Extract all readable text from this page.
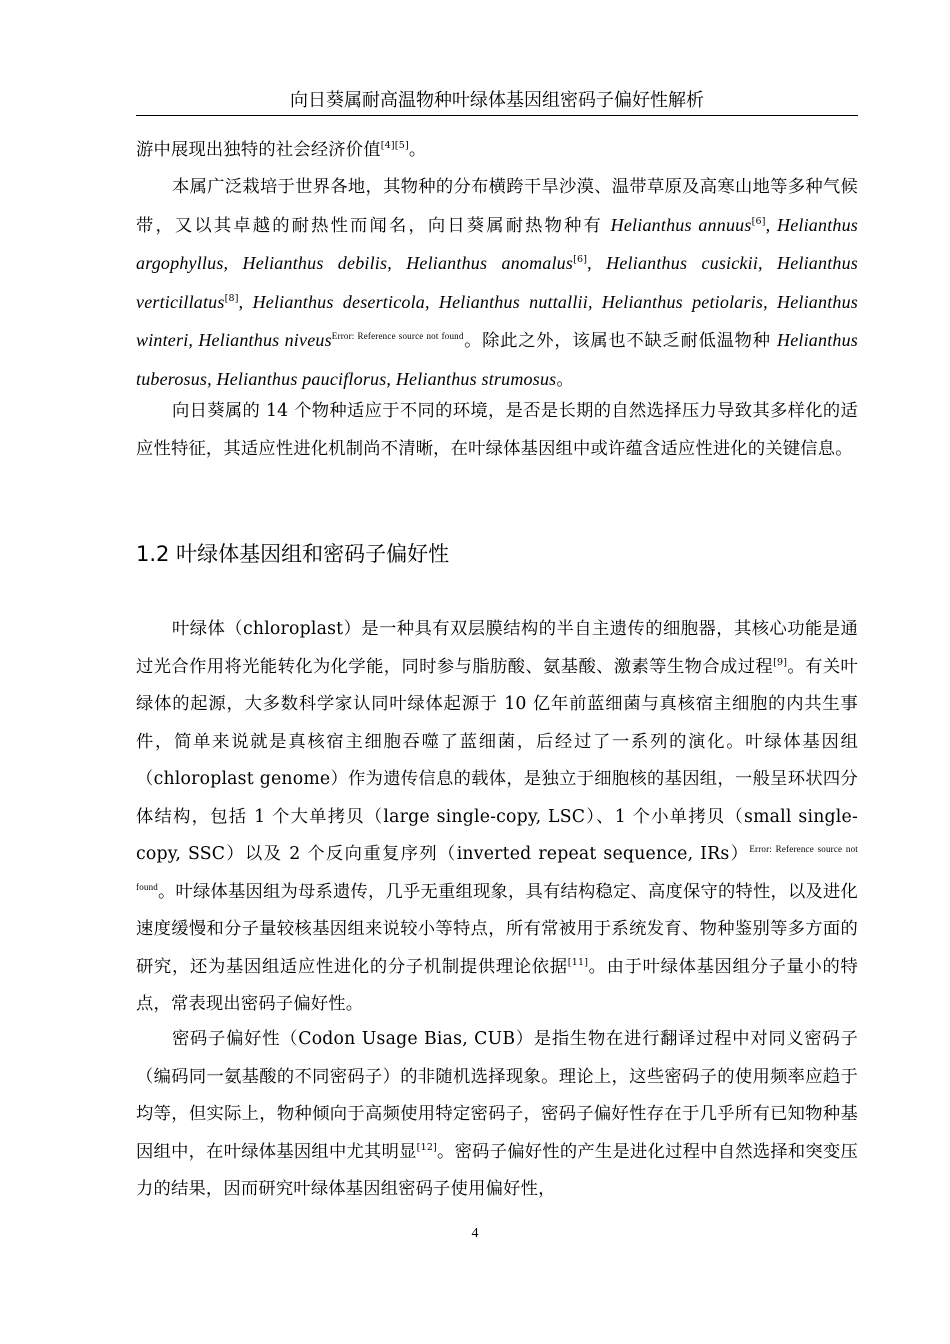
向日葵属耐高温物种叶绿体基因组密码子偏好性解析

游中展现出独特的社会经济价值[4][5]。

本属广泛栽培于世界各地，其物种的分布横跨干旱沙漠、温带草原及高寒山地等多种气候带，又以其卓越的耐热性而闻名，向日葵属耐热物种有 Helianthus annuus[6], Helianthus argophyllus, Helianthus debilis, Helianthus anomalus[6], Helianthus cusickii, Helianthus verticillatus[8], Helianthus deserticola, Helianthus nuttallii, Helianthus petiolaris, Helianthus winteri, Helianthus niveus$^{Error: Reference source not found}$。除此之外，该属也不缺乏耐低温物种 Helianthus tuberosus, Helianthus pauciflorus, Helianthus strumosus。

向日葵属的 14 个物种适应于不同的环境，是否是长期的自然选择压力导致其多样化的适应性特征，其适应性进化机制尚不清晰，在叶绿体基因组中或许蕴含适应性进化的关键信息。

1.2 叶绿体基因组和密码子偏好性

叶绿体（chloroplast）是一种具有双层膜结构的半自主遗传的细胞器，其核心功能是通过光合作用将光能转化为化学能，同时参与脂肪酸、氨基酸、激素等生物合成过程[9]。有关叶绿体的起源，大多数科学家认同叶绿体起源于 10 亿年前蓝细菌与真核宿主细胞的内共生事件，简单来说就是真核宿主细胞吞噬了蓝细菌，后经过了一系列的演化。叶绿体基因组（chloroplast genome）作为遗传信息的载体，是独立于细胞核的基因组，一般呈环状四分体结构，包括 1 个大单拷贝（large single-copy, LSC）、1 个小单拷贝（small single-copy, SSC）以及 2 个反向重复序列（inverted repeat sequence, IRs）$^{Error: Reference source not found}$。叶绿体基因组为母系遗传，几乎无重组现象，具有结构稳定、高度保守的特性，以及进化速度缓慢和分子量较核基因组来说较小等特点，所有常被用于系统发育、物种鉴别等多方面的研究，还为基因组适应性进化的分子机制提供理论依据[11]。由于叶绿体基因组分子量小的特点，常表现出密码子偏好性。

密码子偏好性（Codon Usage Bias, CUB）是指生物在进行翻译过程中对同义密码子（编码同一氨基酸的不同密码子）的非随机选择现象。理论上，这些密码子的使用频率应趋于均等，但实际上，物种倾向于高频使用特定密码子，密码子偏好性存在于几乎所有已知物种基因组中，在叶绿体基因组中尤其明显[12]。密码子偏好性的产生是进化过程中自然选择和突变压力的结果，因而研究叶绿体基因组密码子使用偏好性，

4
